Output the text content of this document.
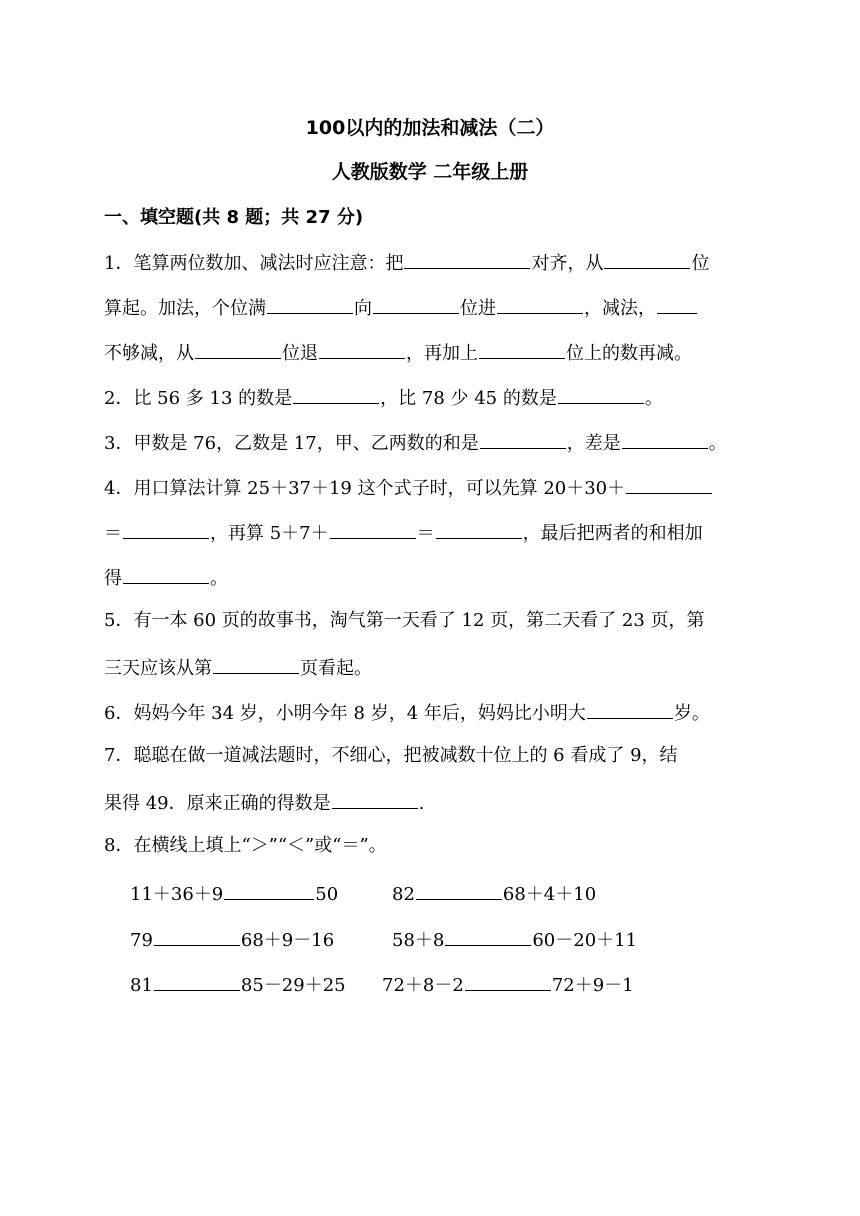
100以内的加法和减法（二）
人教版数学 二年级上册
一、填空题(共 8 题；共 27 分)
1．笔算两位数加、减法时应注意：把	对齐，从	位
算起。加法，个位满	向	位进	，减法，
不够减，从	位退	，再加上	位上的数再减。
2．比 56 多 13 的数是	，比 78 少 45 的数是	。
3．甲数是 76，乙数是 17，甲、乙两数的和是	，差是	。
4．用口算法计算 25＋37＋19 这个式子时，可以先算 20＋30＋
＝	，再算 5＋7＋	＝	，最后把两者的和相加
得	。
5．有一本 60 页的故事书，淘气第一天看了 12 页，第二天看了 23 页，第
三天应该从第	页看起。
6．妈妈今年 34 岁，小明今年 8 岁，4 年后，妈妈比小明大	岁。
7．聪聪在做一道减法题时，不细心，把被减数十位上的 6 看成了 9，结
果得 49．原来正确的得数是	.
8．在横线上填上“＞”“＜”或“＝”。
11＋36＋9	50	82	68＋4＋10
79	68＋9－16	58＋8	60－20＋11
81	85－29＋25 72＋8－2	72＋9－1
